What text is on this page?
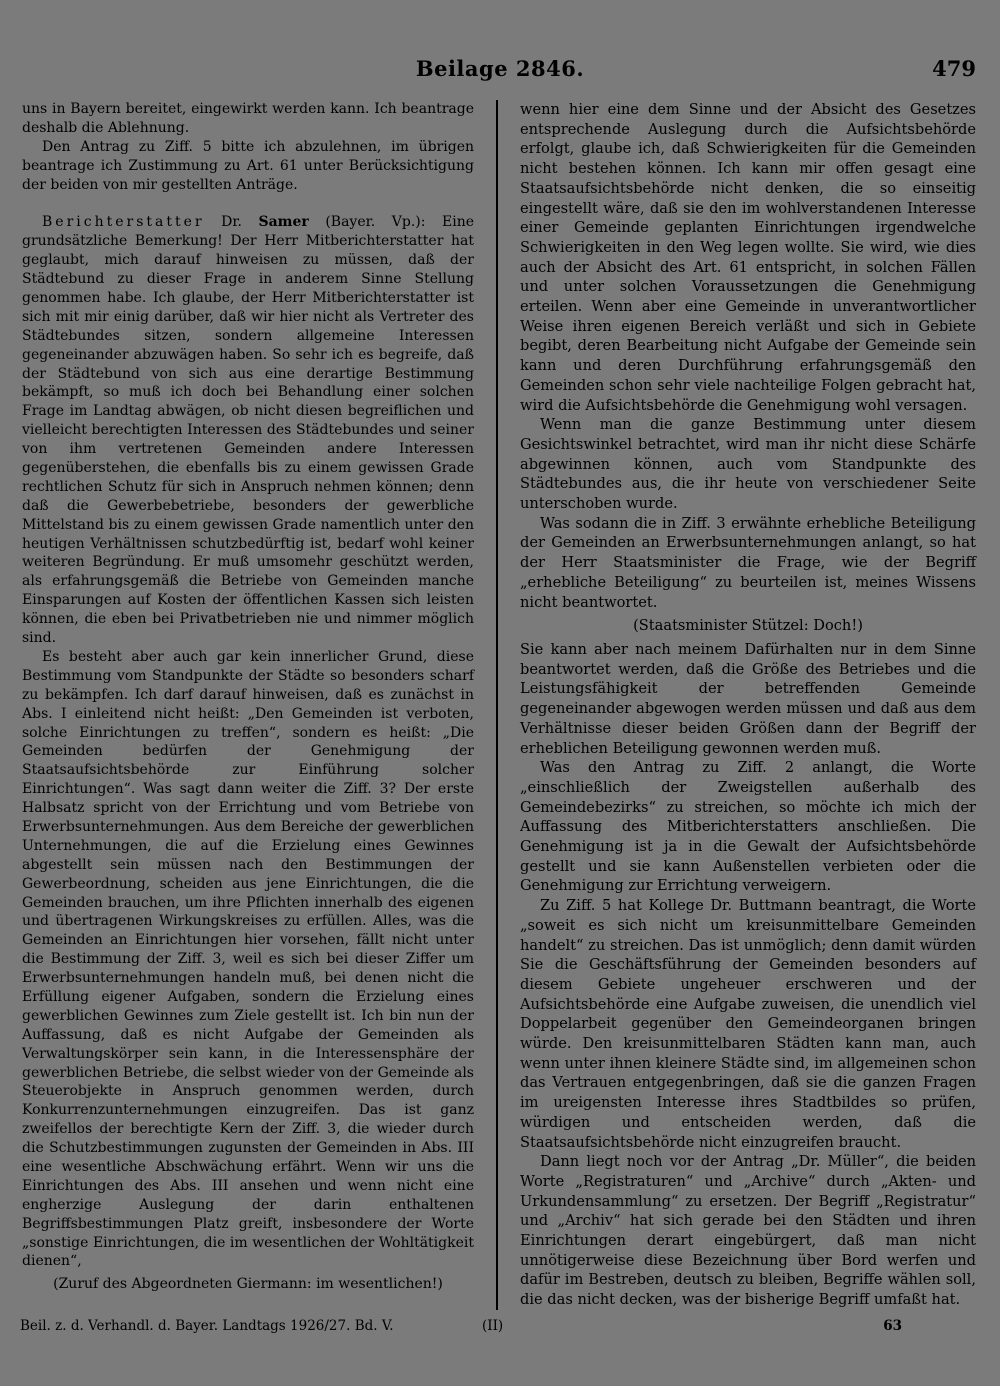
Beilage 2846.	479

uns in Bayern bereitet, eingewirkt werden kann. Ich beantrage deshalb die Ablehnung.

Den Antrag zu Ziff. 5 bitte ich abzulehnen, im übrigen beantrage ich Zustimmung zu Art. 61 unter Berücksichtigung der beiden von mir gestellten Anträge.

Berichterstatter Dr. Samer (Bayer. Vp.): Eine grundsätzliche Bemerkung! Der Herr Mitberichterstatter hat geglaubt, mich darauf hinweisen zu müssen, daß der Städtebund zu dieser Frage in anderem Sinne Stellung genommen habe. Ich glaube, der Herr Mitberichterstatter ist sich mit mir einig darüber, daß wir hier nicht als Vertreter des Städtebundes sitzen, sondern allgemeine Interessen gegeneinander abzuwägen haben. So sehr ich es begreife, daß der Städtebund von sich aus eine derartige Bestimmung bekämpft, so muß ich doch bei Behandlung einer solchen Frage im Landtag abwägen, ob nicht diesen begreiflichen und vielleicht berechtigten Interessen des Städtebundes und seiner von ihm vertretenen Gemeinden andere Interessen gegenüberstehen, die ebenfalls bis zu einem gewissen Grade rechtlichen Schutz für sich in Anspruch nehmen können; denn daß die Gewerbebetriebe, besonders der gewerbliche Mittelstand bis zu einem gewissen Grade namentlich unter den heutigen Verhältnissen schutzbedürftig ist, bedarf wohl keiner weiteren Begründung. Er muß umsomehr geschützt werden, als erfahrungsgemäß die Betriebe von Gemeinden manche Einsparungen auf Kosten der öffentlichen Kassen sich leisten können, die eben bei Privatbetrieben nie und nimmer möglich sind.

Es besteht aber auch gar kein innerlicher Grund, diese Bestimmung vom Standpunkte der Städte so besonders scharf zu bekämpfen. Ich darf darauf hinweisen, daß es zunächst in Abs. I einleitend nicht heißt: „Den Gemeinden ist verboten, solche Einrichtungen zu treffen“, sondern es heißt: „Die Gemeinden bedürfen der Genehmigung der Staatsaufsichtsbehörde zur Einführung solcher Einrichtungen“. Was sagt dann weiter die Ziff. 3? Der erste Halbsatz spricht von der Errichtung und vom Betriebe von Erwerbsunternehmungen. Aus dem Bereiche der gewerblichen Unternehmungen, die auf die Erzielung eines Gewinnes abgestellt sein müssen nach den Bestimmungen der Gewerbeordnung, scheiden aus jene Einrichtungen, die die Gemeinden brauchen, um ihre Pflichten innerhalb des eigenen und übertragenen Wirkungskreises zu erfüllen. Alles, was die Gemeinden an Einrichtungen hier vorsehen, fällt nicht unter die Bestimmung der Ziff. 3, weil es sich bei dieser Ziffer um Erwerbsunternehmungen handeln muß, bei denen nicht die Erfüllung eigener Aufgaben, sondern die Erzielung eines gewerblichen Gewinnes zum Ziele gestellt ist. Ich bin nun der Auffassung, daß es nicht Aufgabe der Gemeinden als Verwaltungskörper sein kann, in die Interessensphäre der gewerblichen Betriebe, die selbst wieder von der Gemeinde als Steuerobjekte in Anspruch genommen werden, durch Konkurrenzunternehmungen einzugreifen. Das ist ganz zweifellos der berechtigte Kern der Ziff. 3, die wieder durch die Schutzbestimmungen zugunsten der Gemeinden in Abs. III eine wesentliche Abschwächung erfährt. Wenn wir uns die Einrichtungen des Abs. III ansehen und wenn nicht eine engherzige Auslegung der darin enthaltenen Begriffsbestimmungen Platz greift, insbesondere der Worte „sonstige Einrichtungen, die im wesentlichen der Wohltätigkeit dienen“,

(Zuruf des Abgeordneten Giermann: im wesentlichen!)

wenn hier eine dem Sinne und der Absicht des Gesetzes entsprechende Auslegung durch die Aufsichtsbehörde erfolgt, glaube ich, daß Schwierigkeiten für die Gemeinden nicht bestehen können. Ich kann mir offen gesagt eine Staatsaufsichtsbehörde nicht denken, die so einseitig eingestellt wäre, daß sie den im wohlverstandenen Interesse einer Gemeinde geplanten Einrichtungen irgendwelche Schwierigkeiten in den Weg legen wollte. Sie wird, wie dies auch der Absicht des Art. 61 entspricht, in solchen Fällen und unter solchen Voraussetzungen die Genehmigung erteilen. Wenn aber eine Gemeinde in unverantwortlicher Weise ihren eigenen Bereich verläßt und sich in Gebiete begibt, deren Bearbeitung nicht Aufgabe der Gemeinde sein kann und deren Durchführung erfahrungsgemäß den Gemeinden schon sehr viele nachteilige Folgen gebracht hat, wird die Aufsichtsbehörde die Genehmigung wohl versagen.

Wenn man die ganze Bestimmung unter diesem Gesichtswinkel betrachtet, wird man ihr nicht diese Schärfe abgewinnen können, auch vom Standpunkte des Städtebundes aus, die ihr heute von verschiedener Seite unterschoben wurde.

Was sodann die in Ziff. 3 erwähnte erhebliche Beteiligung der Gemeinden an Erwerbsunternehmungen anlangt, so hat der Herr Staatsminister die Frage, wie der Begriff „erhebliche Beteiligung“ zu beurteilen ist, meines Wissens nicht beantwortet.

(Staatsminister Stützel: Doch!)

Sie kann aber nach meinem Dafürhalten nur in dem Sinne beantwortet werden, daß die Größe des Betriebes und die Leistungsfähigkeit der betreffenden Gemeinde gegeneinander abgewogen werden müssen und daß aus dem Verhältnisse dieser beiden Größen dann der Begriff der erheblichen Beteiligung gewonnen werden muß.

Was den Antrag zu Ziff. 2 anlangt, die Worte „einschließlich der Zweigstellen außerhalb des Gemeindebezirks“ zu streichen, so möchte ich mich der Auffassung des Mitberichterstatters anschließen. Die Genehmigung ist ja in die Gewalt der Aufsichtsbehörde gestellt und sie kann Außenstellen verbieten oder die Genehmigung zur Errichtung verweigern.

Zu Ziff. 5 hat Kollege Dr. Buttmann beantragt, die Worte „soweit es sich nicht um kreisunmittelbare Gemeinden handelt“ zu streichen. Das ist unmöglich; denn damit würden Sie die Geschäftsführung der Gemeinden besonders auf diesem Gebiete ungeheuer erschweren und der Aufsichtsbehörde eine Aufgabe zuweisen, die unendlich viel Doppelarbeit gegenüber den Gemeindeorganen bringen würde. Den kreisunmittelbaren Städten kann man, auch wenn unter ihnen kleinere Städte sind, im allgemeinen schon das Vertrauen entgegenbringen, daß sie die ganzen Fragen im ureigensten Interesse ihres Stadtbildes so prüfen, würdigen und entscheiden werden, daß die Staatsaufsichtsbehörde nicht einzugreifen braucht.

Dann liegt noch vor der Antrag „Dr. Müller“, die beiden Worte „Registraturen“ und „Archive“ durch „Akten- und Urkundensammlung“ zu ersetzen. Der Begriff „Registratur“ und „Archiv“ hat sich gerade bei den Städten und ihren Einrichtungen derart eingebürgert, daß man nicht unnötigerweise diese Bezeichnung über Bord werfen und dafür im Bestreben, deutsch zu bleiben, Begriffe wählen soll, die das nicht decken, was der bisherige Begriff umfaßt hat.

Beil. z. d. Verhandl. d. Bayer. Landtags 1926/27. Bd. V.	(II)	63
